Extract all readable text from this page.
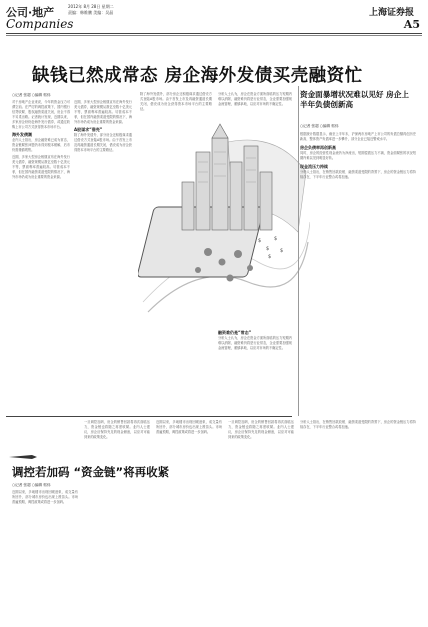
公司·地产
Companies
2012年 8月 28日 星期二
责编：韩维鹏 美编：吴晶	上海证券报
A5
缺钱已然成常态 房企海外发债买壳融资忙
○记者 张超 ○编辑 郭伟

对于房地产企业来说，今年的资金压力可谓空前。在严厉的调控政策下，国内银行信贷收紧、股权融资渠道关闭，房企不得不另觅出路。记者统计发现，近期以来，多家房企纷纷赴海外发行债券，或通过收购上市公司方式获得资本市场平台。

海外发债潮

业内人士指出，房企融资难已成为常态，资金链紧张问题仍未得到根本缓解，后市仍需谨慎观察。

近期，多家大型房企相继宣布在海外发行美元债券，融资规模从数亿至数十亿美元不等，票面利率普遍较高。尽管成本不菲，但在国内融资渠道受限的情况下，海外市场仍成为房企重要的资金来源。

近期，多家大型房企相继宣布在海外发行美元债券，融资规模从数亿至数十亿美元不等，票面利率普遍较高。尽管成本不菲，但在国内融资渠道受限的情况下，海外市场仍成为房企重要的资金来源。

A股谋求“借壳”

除了海外发债外，部分房企还积极谋求通过借壳方式登陆A股市场。由于首发上市及再融资通道长期关闭，借壳成为房企获得资本市场平台的主要路径。

除了海外发债外，部分房企还积极谋求通过借壳方式登陆A股市场。由于首发上市及再融资通道长期关闭，借壳成为房企获得资本市场平台的主要路径。

分析人士认为，房企在资金方面所面临的压力短期内难以消除，融资难仍将是行业常态，企业需要加强现金流管理，谨慎拿地，以应对市场的不确定性。

融资难仍是“常态”

分析人士认为，房企在资金方面所面临的压力短期内难以消除，融资难仍将是行业常态，企业需要加强现金流管理，谨慎拿地，以应对市场的不确定性。

$
$
$
$
$
资金面暴增状况难以见好 房企上半年负债创新高
○记者 张超 ○编辑 郭伟

根据统计数据显示，截至上半年末，沪深两市房地产上市公司的负债总额再创历史新高，整体资产负债率进一步攀升，部分企业已接近警戒水平。

房企负债率再创新高

同时，房企的经营性现金流仍为净流出，短期偿债压力不减，资金面紧张的状况短期内难以见到明显好转。

现金流压力持续

分析人士指出，在销售回款放缓、融资渠道受限的背景下，房企的资金链压力将持续存在，下半年行业整合或将加速。

调控若加码 “资金链”将再收紧
○记者 张超 ○编辑 郭伟

近期以来，多地楼市出现回暖迹象，成交量有所回升，部分城市房价也出现上涨苗头。市场普遍预期，调控政策或将进一步加码。

一旦调控加码，房企的销售回款将再次面临压力，资金链也将随之再度收紧。业内人士建议，房企应保持充足的现金储备，以应对可能到来的政策变化。

近期以来，多地楼市出现回暖迹象，成交量有所回升，部分城市房价也出现上涨苗头。市场普遍预期，调控政策或将进一步加码。

一旦调控加码，房企的销售回款将再次面临压力，资金链也将随之再度收紧。业内人士建议，房企应保持充足的现金储备，以应对可能到来的政策变化。

分析人士指出，在销售回款放缓、融资渠道受限的背景下，房企的资金链压力将持续存在，下半年行业整合或将加速。
